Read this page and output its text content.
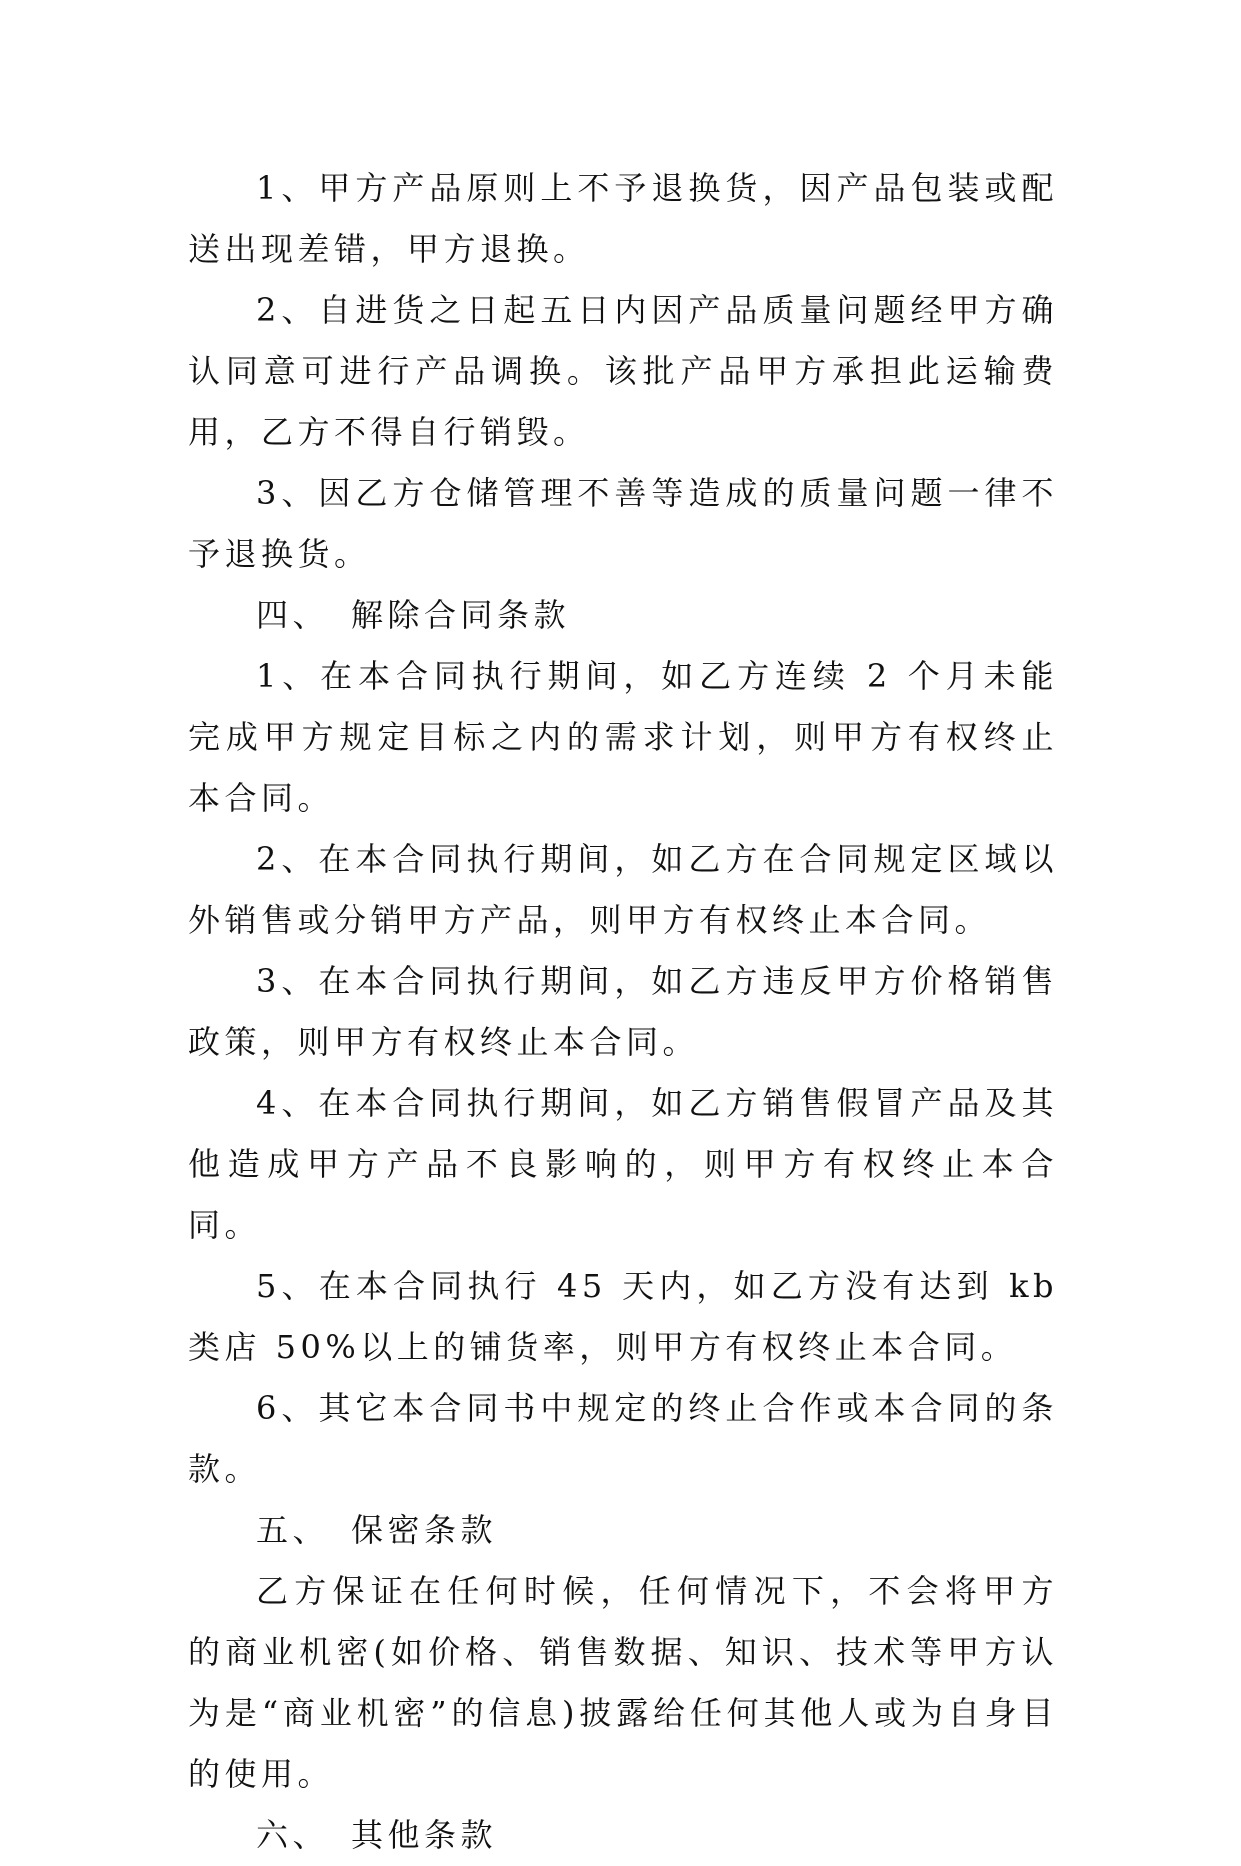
1、甲方产品原则上不予退换货，因产品包装或配送出现差错，甲方退换。

2、自进货之日起五日内因产品质量问题经甲方确认同意可进行产品调换。该批产品甲方承担此运输费用，乙方不得自行销毁。

3、因乙方仓储管理不善等造成的质量问题一律不予退换货。

四、 解除合同条款

1、在本合同执行期间，如乙方连续 2 个月未能完成甲方规定目标之内的需求计划，则甲方有权终止本合同。

2、在本合同执行期间，如乙方在合同规定区域以外销售或分销甲方产品，则甲方有权终止本合同。

3、在本合同执行期间，如乙方违反甲方价格销售政策，则甲方有权终止本合同。

4、在本合同执行期间，如乙方销售假冒产品及其他造成甲方产品不良影响的，则甲方有权终止本合同。

5、在本合同执行 45 天内，如乙方没有达到 kb 类店 50%以上的铺货率，则甲方有权终止本合同。

6、其它本合同书中规定的终止合作或本合同的条款。

五、 保密条款

乙方保证在任何时候，任何情况下，不会将甲方的商业机密(如价格、销售数据、知识、技术等甲方认为是“商业机密”的信息)披露给任何其他人或为自身目的使用。

六、 其他条款
